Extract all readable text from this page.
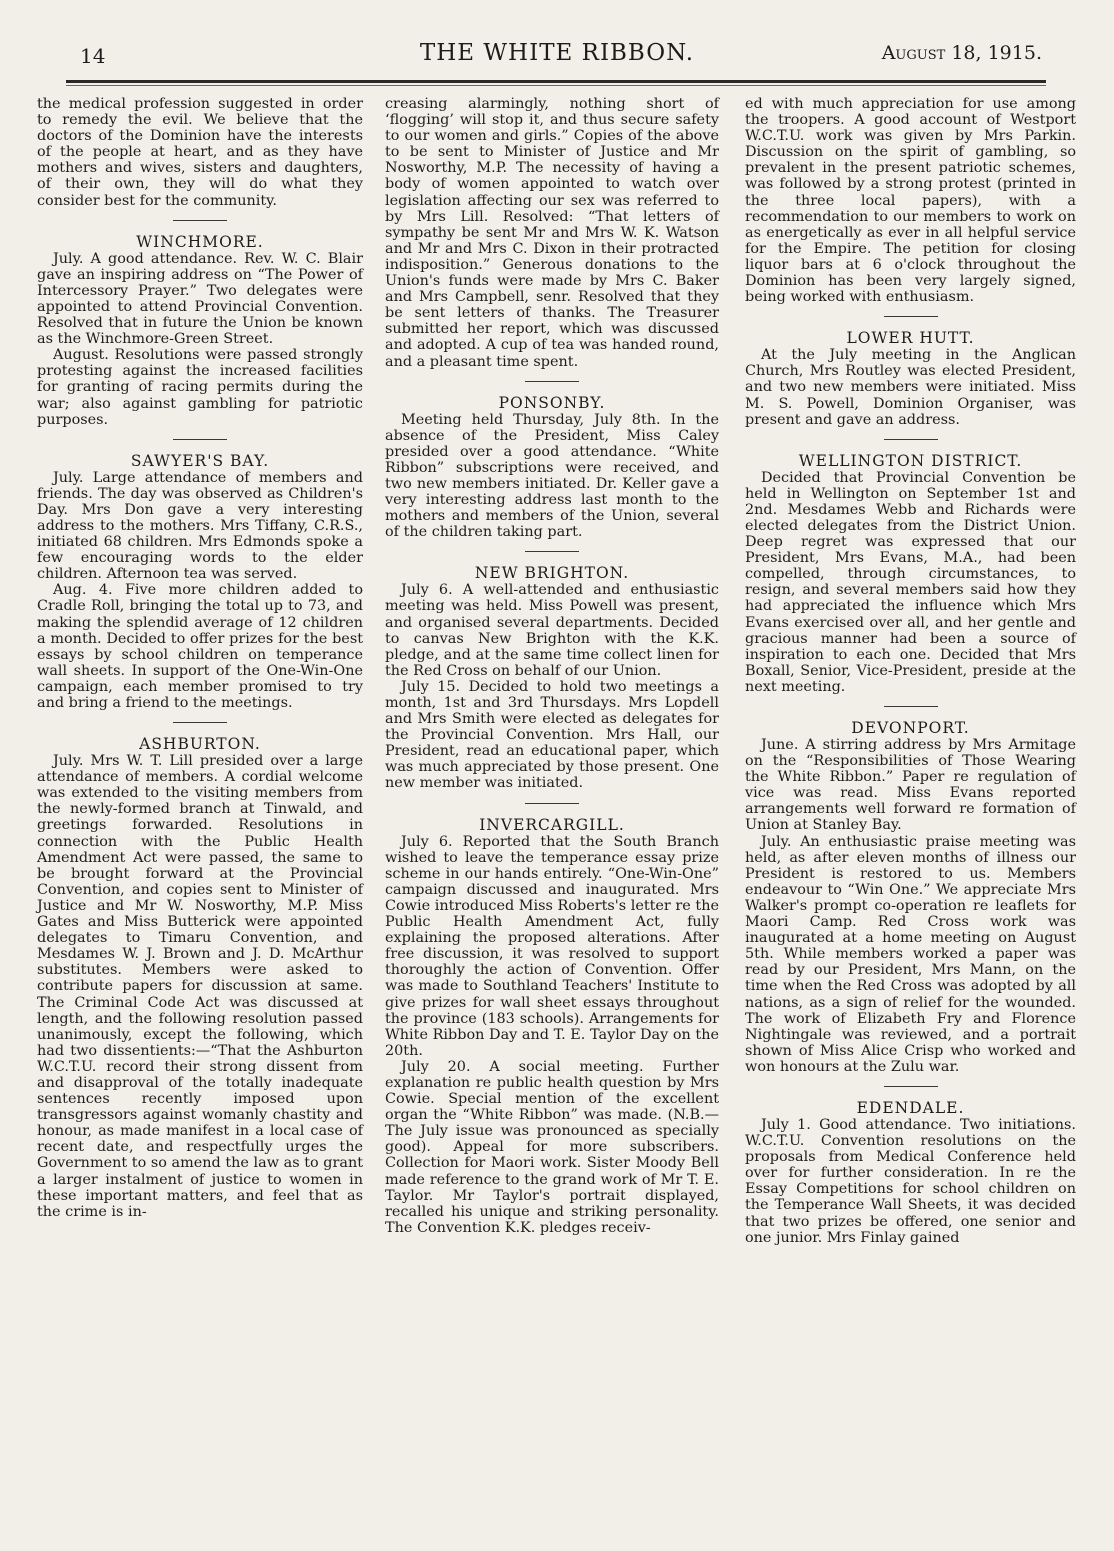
14	THE WHITE RIBBON.	August 18, 1915.

the medical profession suggested in order to remedy the evil. We believe that the doctors of the Dominion have the interests of the people at heart, and as they have mothers and wives, sisters and daughters, of their own, they will do what they consider best for the community.

WINCHMORE.

July. A good attendance. Rev. W. C. Blair gave an inspiring address on “The Power of Intercessory Prayer.” Two delegates were appointed to attend Provincial Convention. Resolved that in future the Union be known as the Winchmore-Green Street.

August. Resolutions were passed strongly protesting against the increased facilities for granting of racing permits during the war; also against gambling for patriotic purposes.

SAWYER'S BAY.

July. Large attendance of members and friends. The day was observed as Children's Day. Mrs Don gave a very interesting address to the mothers. Mrs Tiffany, C.R.S., initiated 68 children. Mrs Edmonds spoke a few encouraging words to the elder children. Afternoon tea was served.

Aug. 4. Five more children added to Cradle Roll, bringing the total up to 73, and making the splendid average of 12 children a month. Decided to offer prizes for the best essays by school children on temperance wall sheets. In support of the One-Win-One campaign, each member promised to try and bring a friend to the meetings.

ASHBURTON.

July. Mrs W. T. Lill presided over a large attendance of members. A cordial welcome was extended to the visiting members from the newly-formed branch at Tinwald, and greetings forwarded. Resolutions in connection with the Public Health Amendment Act were passed, the same to be brought forward at the Provincial Convention, and copies sent to Minister of Justice and Mr W. Nosworthy, M.P. Miss Gates and Miss Butterick were appointed delegates to Timaru Convention, and Mesdames W. J. Brown and J. D. McArthur substitutes. Members were asked to contribute papers for discussion at same. The Criminal Code Act was discussed at length, and the following resolution passed unanimously, except the following, which had two dissentients:—“That the Ashburton W.C.T.U. record their strong dissent from and disapproval of the totally inadequate sentences recently imposed upon transgressors against womanly chastity and honour, as made manifest in a local case of recent date, and respectfully urges the Government to so amend the law as to grant a larger instalment of justice to women in these important matters, and feel that as the crime is in-

creasing alarmingly, nothing short of ‘flogging’ will stop it, and thus secure safety to our women and girls.” Copies of the above to be sent to Minister of Justice and Mr Nosworthy, M.P. The necessity of having a body of women appointed to watch over legislation affecting our sex was referred to by Mrs Lill. Resolved: “That letters of sympathy be sent Mr and Mrs W. K. Watson and Mr and Mrs C. Dixon in their protracted indisposition.” Generous donations to the Union's funds were made by Mrs C. Baker and Mrs Campbell, senr. Resolved that they be sent letters of thanks. The Treasurer submitted her report, which was discussed and adopted. A cup of tea was handed round, and a pleasant time spent.

PONSONBY.

Meeting held Thursday, July 8th. In the absence of the President, Miss Caley presided over a good attendance. “White Ribbon” subscriptions were received, and two new members initiated. Dr. Keller gave a very interesting address last month to the mothers and members of the Union, several of the children taking part.

NEW BRIGHTON.

July 6. A well-attended and enthusiastic meeting was held. Miss Powell was present, and organised several departments. Decided to canvas New Brighton with the K.K. pledge, and at the same time collect linen for the Red Cross on behalf of our Union.

July 15. Decided to hold two meetings a month, 1st and 3rd Thursdays. Mrs Lopdell and Mrs Smith were elected as delegates for the Provincial Convention. Mrs Hall, our President, read an educational paper, which was much appreciated by those present. One new member was initiated.

INVERCARGILL.

July 6. Reported that the South Branch wished to leave the temperance essay prize scheme in our hands entirely. “One-Win-One” campaign discussed and inaugurated. Mrs Cowie introduced Miss Roberts's letter re the Public Health Amendment Act, fully explaining the proposed alterations. After free discussion, it was resolved to support thoroughly the action of Convention. Offer was made to Southland Teachers' Institute to give prizes for wall sheet essays throughout the province (183 schools). Arrangements for White Ribbon Day and T. E. Taylor Day on the 20th.

July 20. A social meeting. Further explanation re public health question by Mrs Cowie. Special mention of the excellent organ the “White Ribbon” was made. (N.B.—The July issue was pronounced as specially good). Appeal for more subscribers. Collection for Maori work. Sister Moody Bell made reference to the grand work of Mr T. E. Taylor. Mr Taylor's portrait displayed, recalled his unique and striking personality. The Convention K.K. pledges receiv-

ed with much appreciation for use among the troopers. A good account of Westport W.C.T.U. work was given by Mrs Parkin. Discussion on the spirit of gambling, so prevalent in the present patriotic schemes, was followed by a strong protest (printed in the three local papers), with a recommendation to our members to work on as energetically as ever in all helpful service for the Empire. The petition for closing liquor bars at 6 o'clock throughout the Dominion has been very largely signed, being worked with enthusiasm.

LOWER HUTT.

At the July meeting in the Anglican Church, Mrs Routley was elected President, and two new members were initiated. Miss M. S. Powell, Dominion Organiser, was present and gave an address.

WELLINGTON DISTRICT.

Decided that Provincial Convention be held in Wellington on September 1st and 2nd. Mesdames Webb and Richards were elected delegates from the District Union. Deep regret was expressed that our President, Mrs Evans, M.A., had been compelled, through circumstances, to resign, and several members said how they had appreciated the influence which Mrs Evans exercised over all, and her gentle and gracious manner had been a source of inspiration to each one. Decided that Mrs Boxall, Senior, Vice-President, preside at the next meeting.

DEVONPORT.

June. A stirring address by Mrs Armitage on the “Responsibilities of Those Wearing the White Ribbon.” Paper re regulation of vice was read. Miss Evans reported arrangements well forward re formation of Union at Stanley Bay.

July. An enthusiastic praise meeting was held, as after eleven months of illness our President is restored to us. Members endeavour to “Win One.” We appreciate Mrs Walker's prompt co-operation re leaflets for Maori Camp. Red Cross work was inaugurated at a home meeting on August 5th. While members worked a paper was read by our President, Mrs Mann, on the time when the Red Cross was adopted by all nations, as a sign of relief for the wounded. The work of Elizabeth Fry and Florence Nightingale was reviewed, and a portrait shown of Miss Alice Crisp who worked and won honours at the Zulu war.

EDENDALE.

July 1. Good attendance. Two initiations. W.C.T.U. Convention resolutions on the proposals from Medical Conference held over for further consideration. In re the Essay Competitions for school children on the Temperance Wall Sheets, it was decided that two prizes be offered, one senior and one junior. Mrs Finlay gained
